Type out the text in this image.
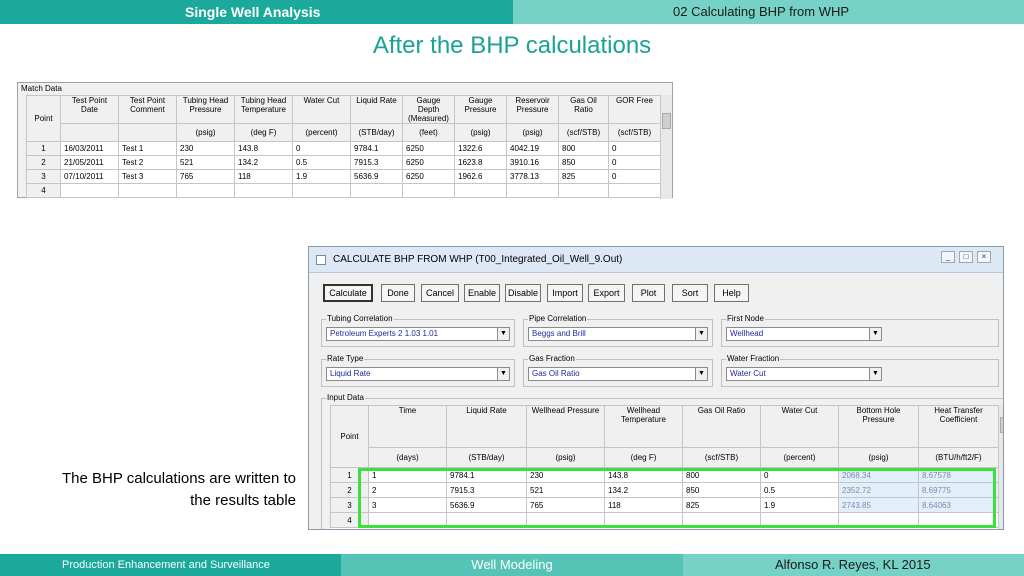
Single Well Analysis	02 Calculating BHP from WHP
After the BHP calculations
Match Data
Point	Test Point Date	Test Point Comment	Tubing Head Pressure	Tubing Head Temperature	Water Cut	Liquid Rate	Gauge Depth (Measured)	Gauge Pressure	Reservoir Pressure	Gas Oil Ratio	GOR Free
			(psig)	(deg F)	(percent)	(STB/day)	(feet)	(psig)	(psig)	(scf/STB)	(scf/STB)
1	16/03/2011	Test 1	230	143.8	0	9784.1	6250	1322.6	4042.19	800	0
2	21/05/2011	Test 2	521	134.2	0.5	7915.3	6250	1623.8	3910.16	850	0
3	07/10/2011	Test 3	765	118	1.9	5636.9	6250	1962.6	3778.13	825	0
4											
CALCULATE BHP FROM WHP (T00_Integrated_Oil_Well_9.Out)	_	□	×
Calculate	Done	Cancel	Enable	Disable	Import	Export	Plot	Sort	Help
Tubing Correlation
Petroleum Experts 2 1.03 1.01	▼
Pipe Correlation
Beggs and Brill	▼
First Node
Wellhead	▼
Rate Type
Liquid Rate	▼
Gas Fraction
Gas Oil Ratio	▼
Water Fraction
Water Cut	▼
Input Data
Point	Time	Liquid Rate	Wellhead Pressure	Wellhead Temperature	Gas Oil Ratio	Water Cut	Bottom Hole Pressure	Heat Transfer Coefficient
	(days)	(STB/day)	(psig)	(deg F)	(scf/STB)	(percent)	(psig)	(BTU/h/ft2/F)
1	1	9784.1	230	143.8	800	0	2068.34	8.67578
2	2	7915.3	521	134.2	850	0.5	2352.72	8.69775
3	3	5636.9	765	118	825	1.9	2743.85	8.64063
4								
The BHP calculations are written to the results table
Production Enhancement and Surveillance	Well Modeling	Alfonso R. Reyes, KL 2015
